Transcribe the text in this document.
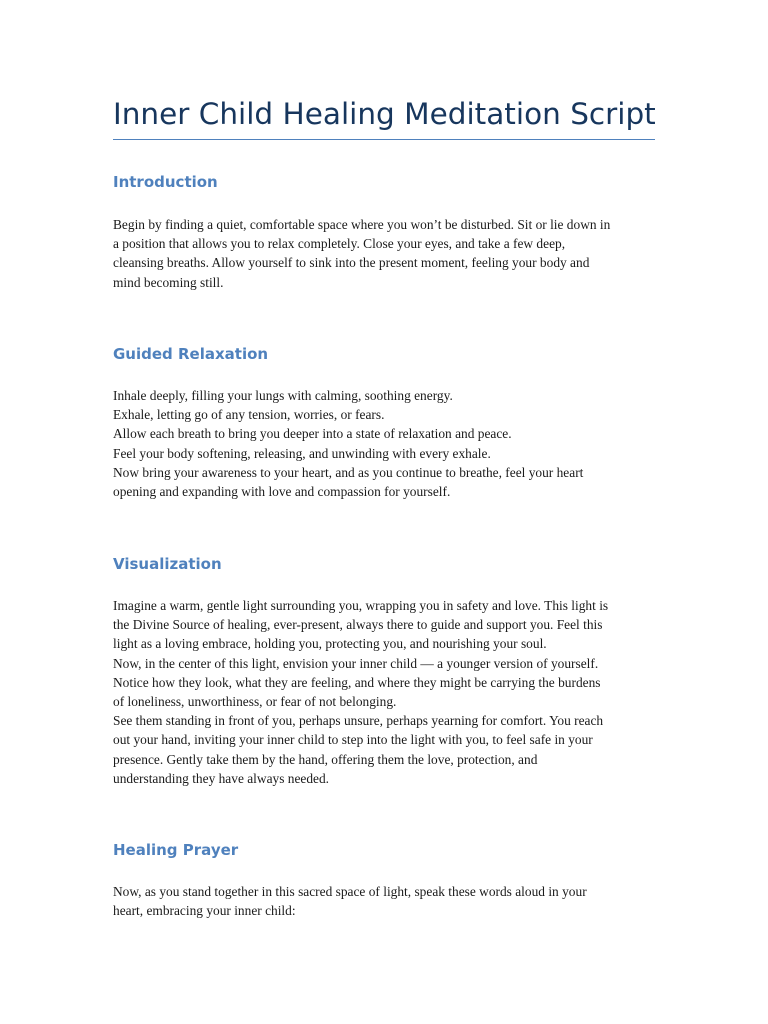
Inner Child Healing Meditation Script
Introduction

Begin by finding a quiet, comfortable space where you won’t be disturbed. Sit or lie down in
a position that allows you to relax completely. Close your eyes, and take a few deep,
cleansing breaths. Allow yourself to sink into the present moment, feeling your body and
mind becoming still.

Guided Relaxation

Inhale deeply, filling your lungs with calming, soothing energy.
Exhale, letting go of any tension, worries, or fears.
Allow each breath to bring you deeper into a state of relaxation and peace.
Feel your body softening, releasing, and unwinding with every exhale.
Now bring your awareness to your heart, and as you continue to breathe, feel your heart
opening and expanding with love and compassion for yourself.

Visualization

Imagine a warm, gentle light surrounding you, wrapping you in safety and love. This light is
the Divine Source of healing, ever-present, always there to guide and support you. Feel this
light as a loving embrace, holding you, protecting you, and nourishing your soul.
Now, in the center of this light, envision your inner child — a younger version of yourself.
Notice how they look, what they are feeling, and where they might be carrying the burdens
of loneliness, unworthiness, or fear of not belonging.
See them standing in front of you, perhaps unsure, perhaps yearning for comfort. You reach
out your hand, inviting your inner child to step into the light with you, to feel safe in your
presence. Gently take them by the hand, offering them the love, protection, and
understanding they have always needed.

Healing Prayer

Now, as you stand together in this sacred space of light, speak these words aloud in your
heart, embracing your inner child:
